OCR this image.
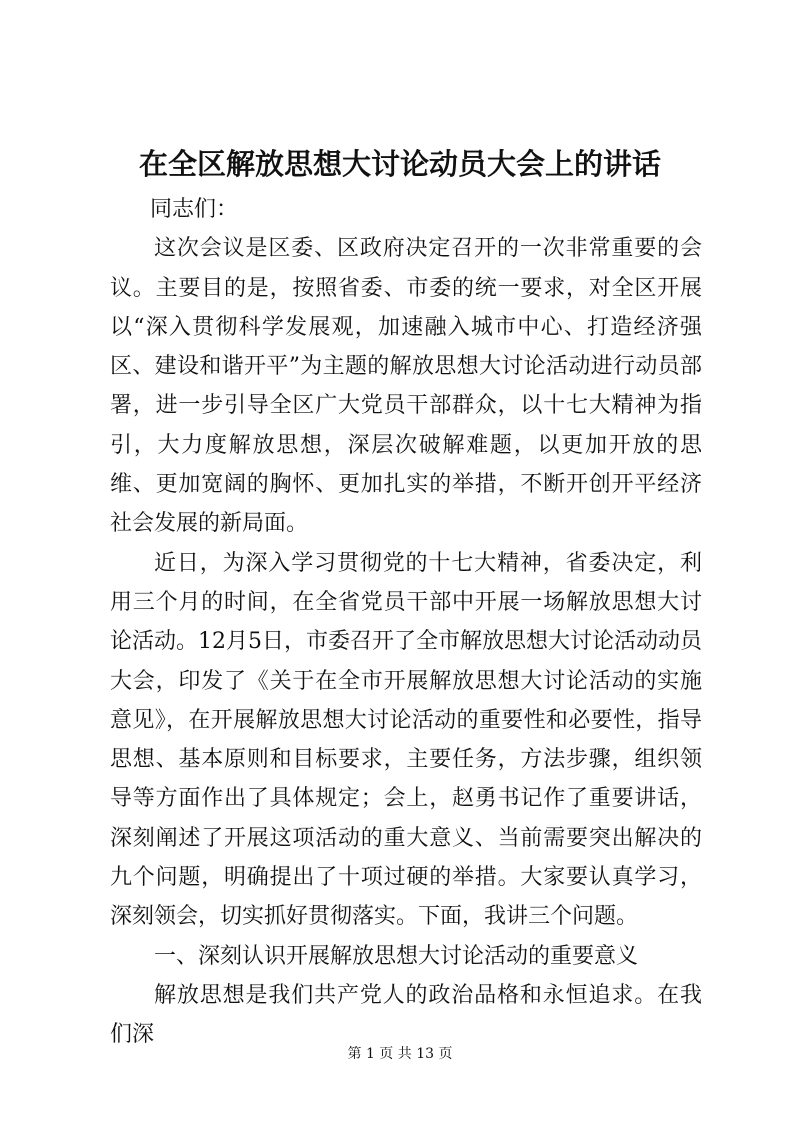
在全区解放思想大讨论动员大会上的讲话

同志们：

这次会议是区委、区政府决定召开的一次非常重要的会议。主要目的是，按照省委、市委的统一要求，对全区开展以“深入贯彻科学发展观，加速融入城市中心、打造经济强区、建设和谐开平”为主题的解放思想大讨论活动进行动员部署，进一步引导全区广大党员干部群众，以十七大精神为指引，大力度解放思想，深层次破解难题，以更加开放的思维、更加宽阔的胸怀、更加扎实的举措，不断开创开平经济社会发展的新局面。

近日，为深入学习贯彻党的十七大精神，省委决定，利用三个月的时间，在全省党员干部中开展一场解放思想大讨论活动。12月5日，市委召开了全市解放思想大讨论活动动员大会，印发了《关于在全市开展解放思想大讨论活动的实施意见》，在开展解放思想大讨论活动的重要性和必要性，指导思想、基本原则和目标要求，主要任务，方法步骤，组织领导等方面作出了具体规定；会上，赵勇书记作了重要讲话，深刻阐述了开展这项活动的重大意义、当前需要突出解决的九个问题，明确提出了十项过硬的举措。大家要认真学习，深刻领会，切实抓好贯彻落实。下面，我讲三个问题。

一、深刻认识开展解放思想大讨论活动的重要意义

解放思想是我们共产党人的政治品格和永恒追求。在我们深

第 1 页 共 13 页
